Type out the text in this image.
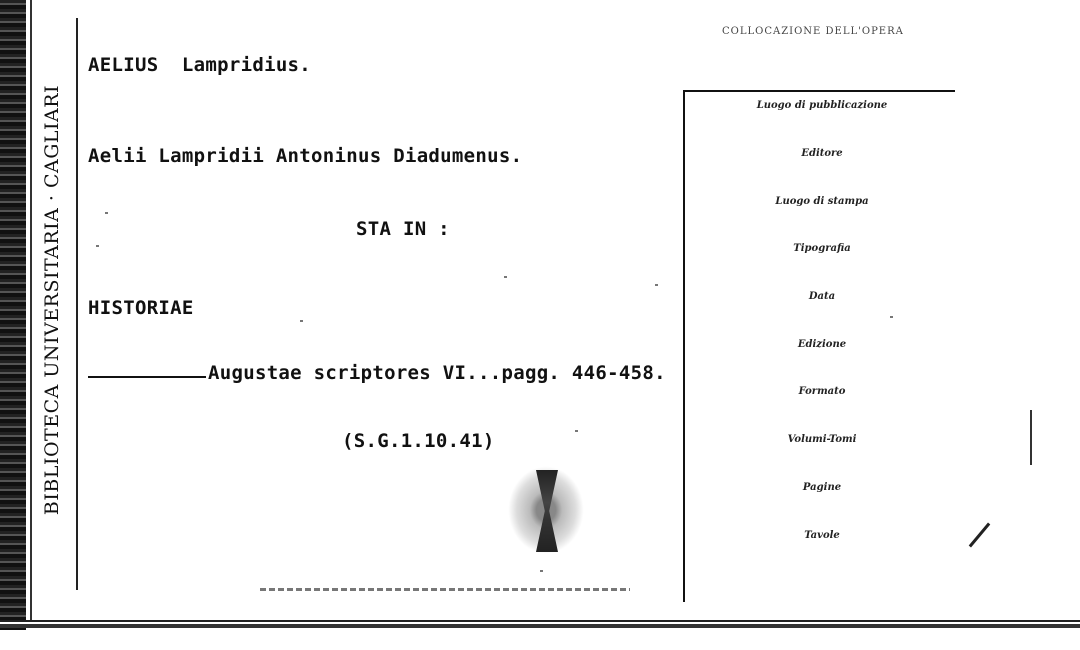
BIBLIOTECA UNIVERSITARIA · CAGLIARI
COLLOCAZIONE DELL'OPERA
AELIUS  Lampridius.
Aelii Lampridii Antoninus Diadumenus.
STA IN :
HISTORIAE
Augustae scriptores VI...pagg. 446-458.
(S.G.1.10.41)
Luogo di pubblicazione
Editore
Luogo di stampa
Tipografia
Data
Edizione
Formato
Volumi-Tomi
Pagine
Tavole
